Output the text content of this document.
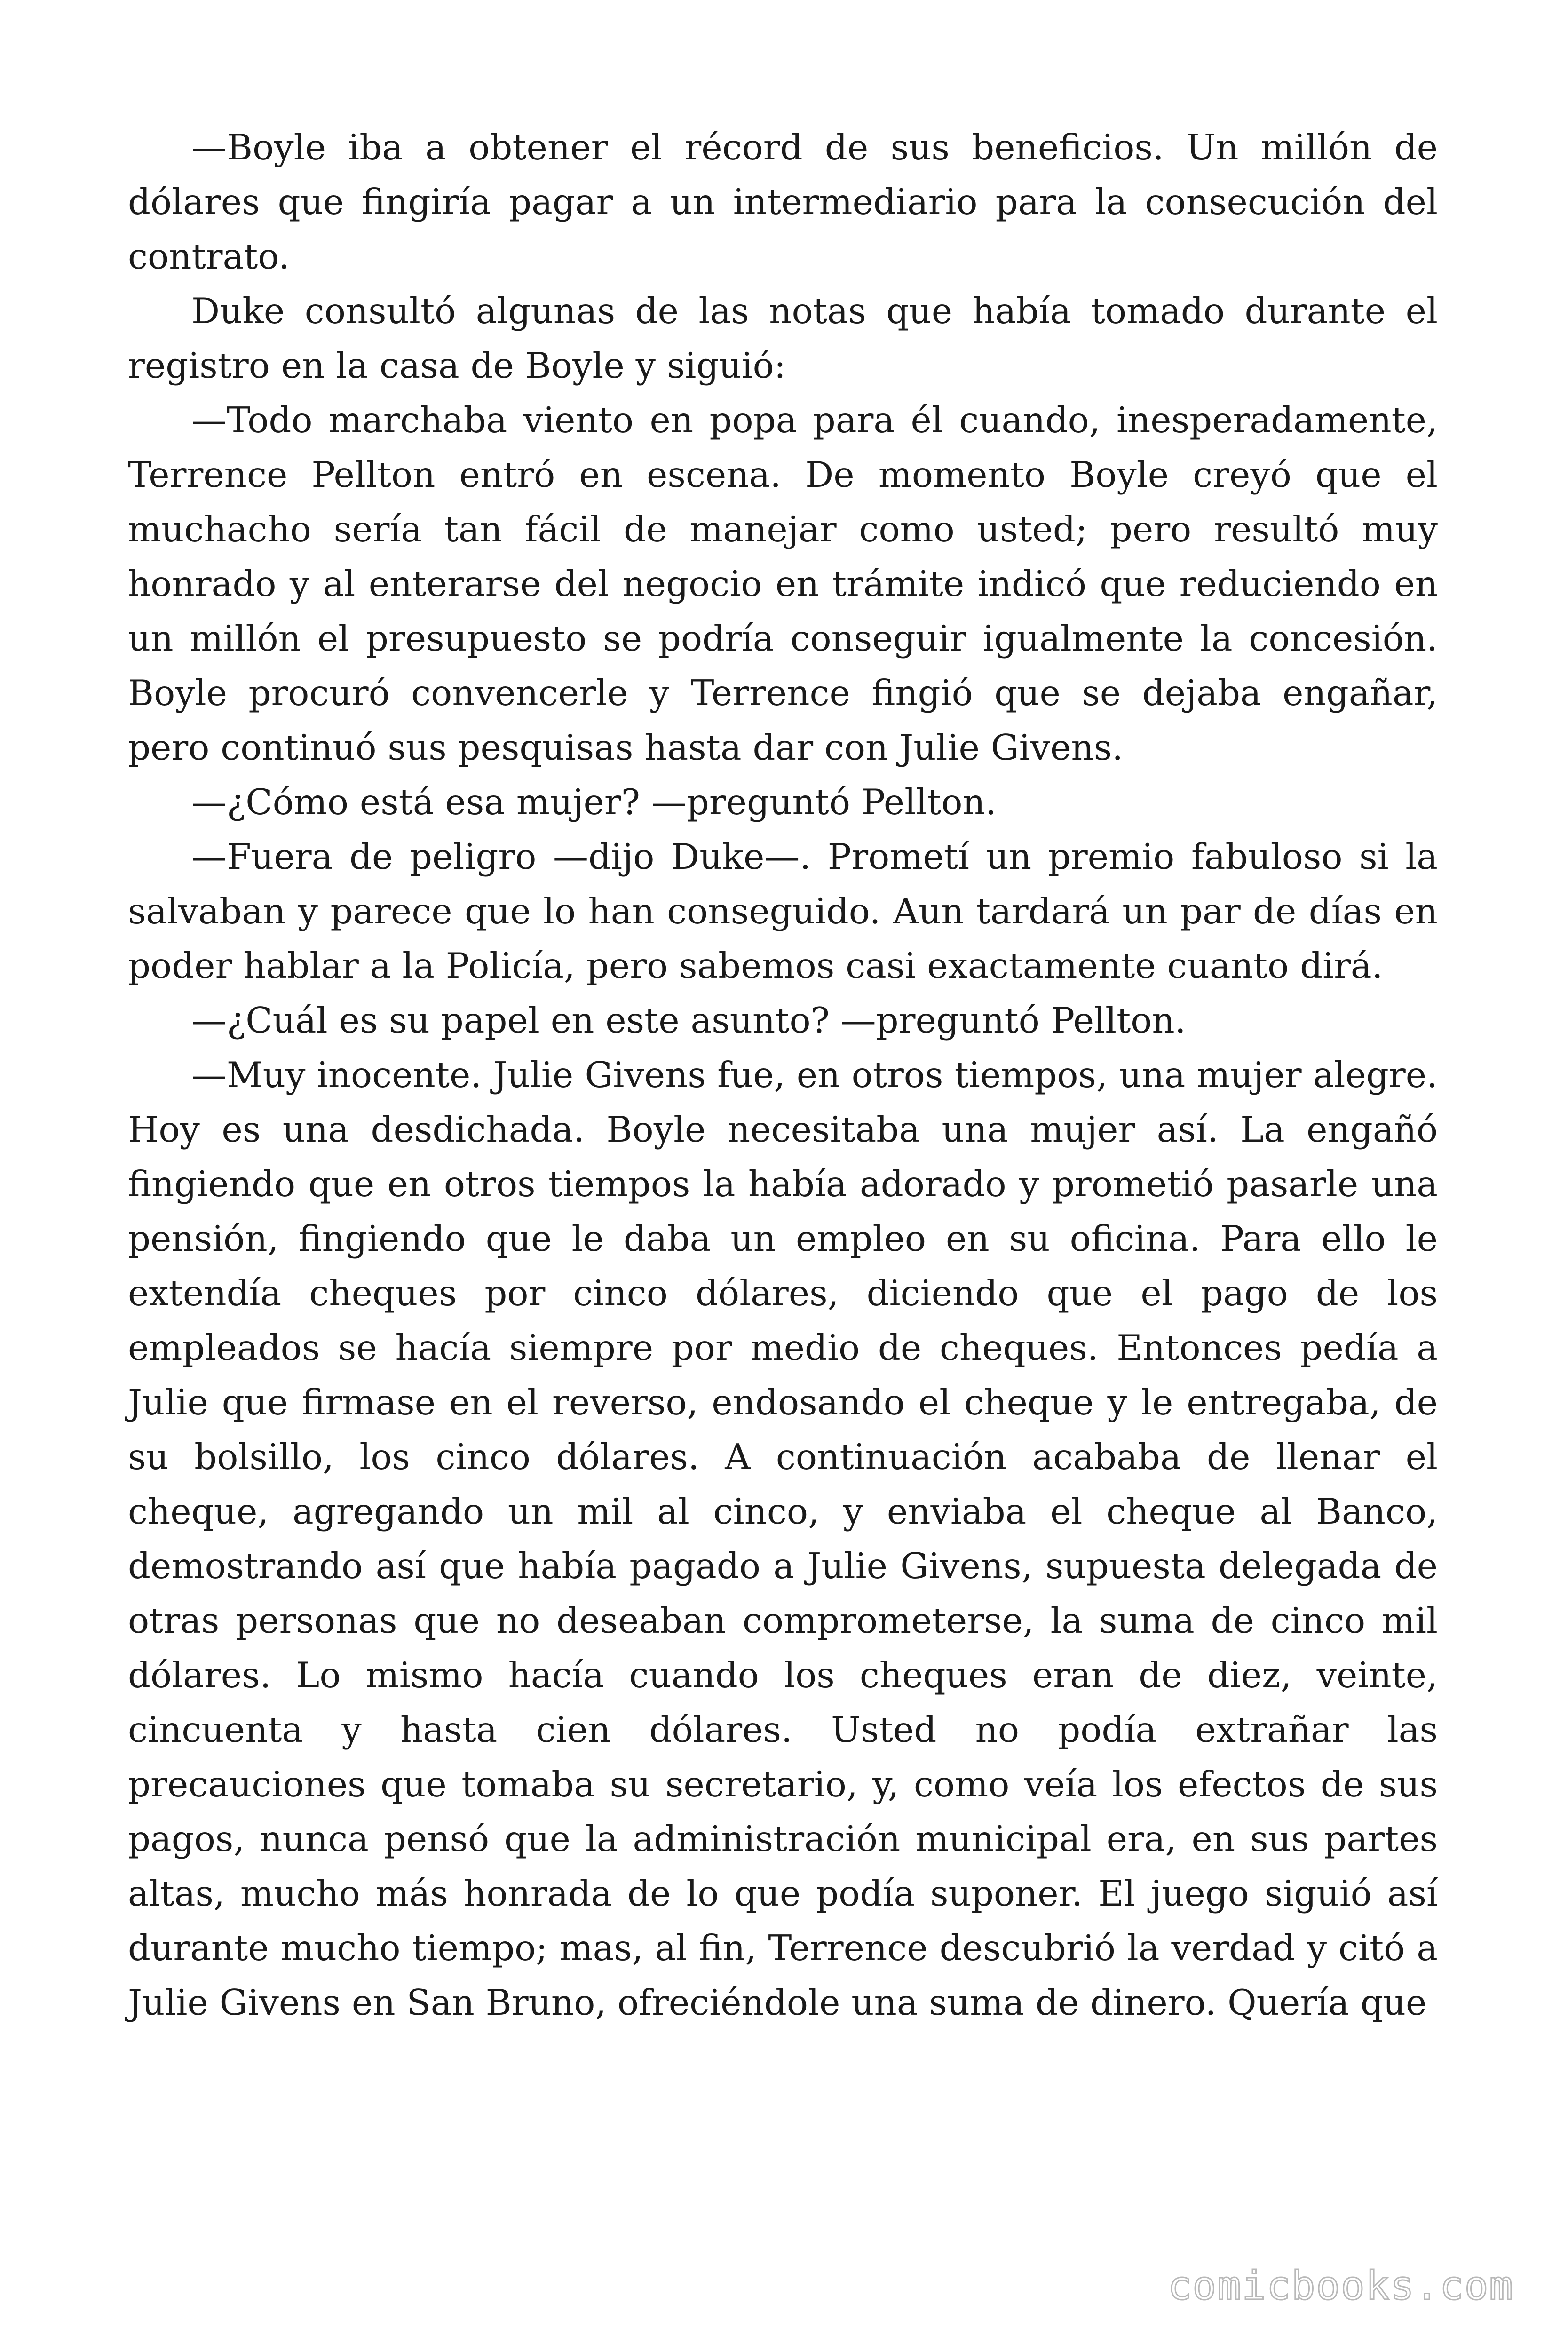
—Boyle iba a obtener el récord de sus beneficios. Un millón de dólares que fingiría pagar a un intermediario para la consecución del contrato.

Duke consultó algunas de las notas que había tomado durante el registro en la casa de Boyle y siguió:

—Todo marchaba viento en popa para él cuando, inesperadamente, Terrence Pellton entró en escena. De momento Boyle creyó que el muchacho sería tan fácil de manejar como usted; pero resultó muy honrado y al enterarse del negocio en trámite indicó que reduciendo en un millón el presupuesto se podría conseguir igualmente la concesión. Boyle procuró convencerle y Terrence fingió que se dejaba engañar, pero continuó sus pesquisas hasta dar con Julie Givens.

—¿Cómo está esa mujer? —preguntó Pellton.

—Fuera de peligro —dijo Duke—. Prometí un premio fabuloso si la salvaban y parece que lo han conseguido. Aun tardará un par de días en poder hablar a la Policía, pero sabemos casi exactamente cuanto dirá.

—¿Cuál es su papel en este asunto? —preguntó Pellton.

—Muy inocente. Julie Givens fue, en otros tiempos, una mujer alegre. Hoy es una desdichada. Boyle necesitaba una mujer así. La engañó fingiendo que en otros tiempos la había adorado y prometió pasarle una pensión, fingiendo que le daba un empleo en su oficina. Para ello le extendía cheques por cinco dólares, diciendo que el pago de los empleados se hacía siempre por medio de cheques. Entonces pedía a Julie que firmase en el reverso, endosando el cheque y le entregaba, de su bolsillo, los cinco dólares. A continuación acababa de llenar el cheque, agregando un mil al cinco, y enviaba el cheque al Banco, demostrando así que había pagado a Julie Givens, supuesta delegada de otras personas que no deseaban comprometerse, la suma de cinco mil dólares. Lo mismo hacía cuando los cheques eran de diez, veinte, cincuenta y hasta cien dólares. Usted no podía extrañar las precauciones que tomaba su secretario, y, como veía los efectos de sus pagos, nunca pensó que la administración municipal era, en sus partes altas, mucho más honrada de lo que podía suponer. El juego siguió así durante mucho tiempo; mas, al fin, Terrence descubrió la verdad y citó a Julie Givens en San Bruno, ofreciéndole una suma de dinero. Quería que

comicbooks.com
